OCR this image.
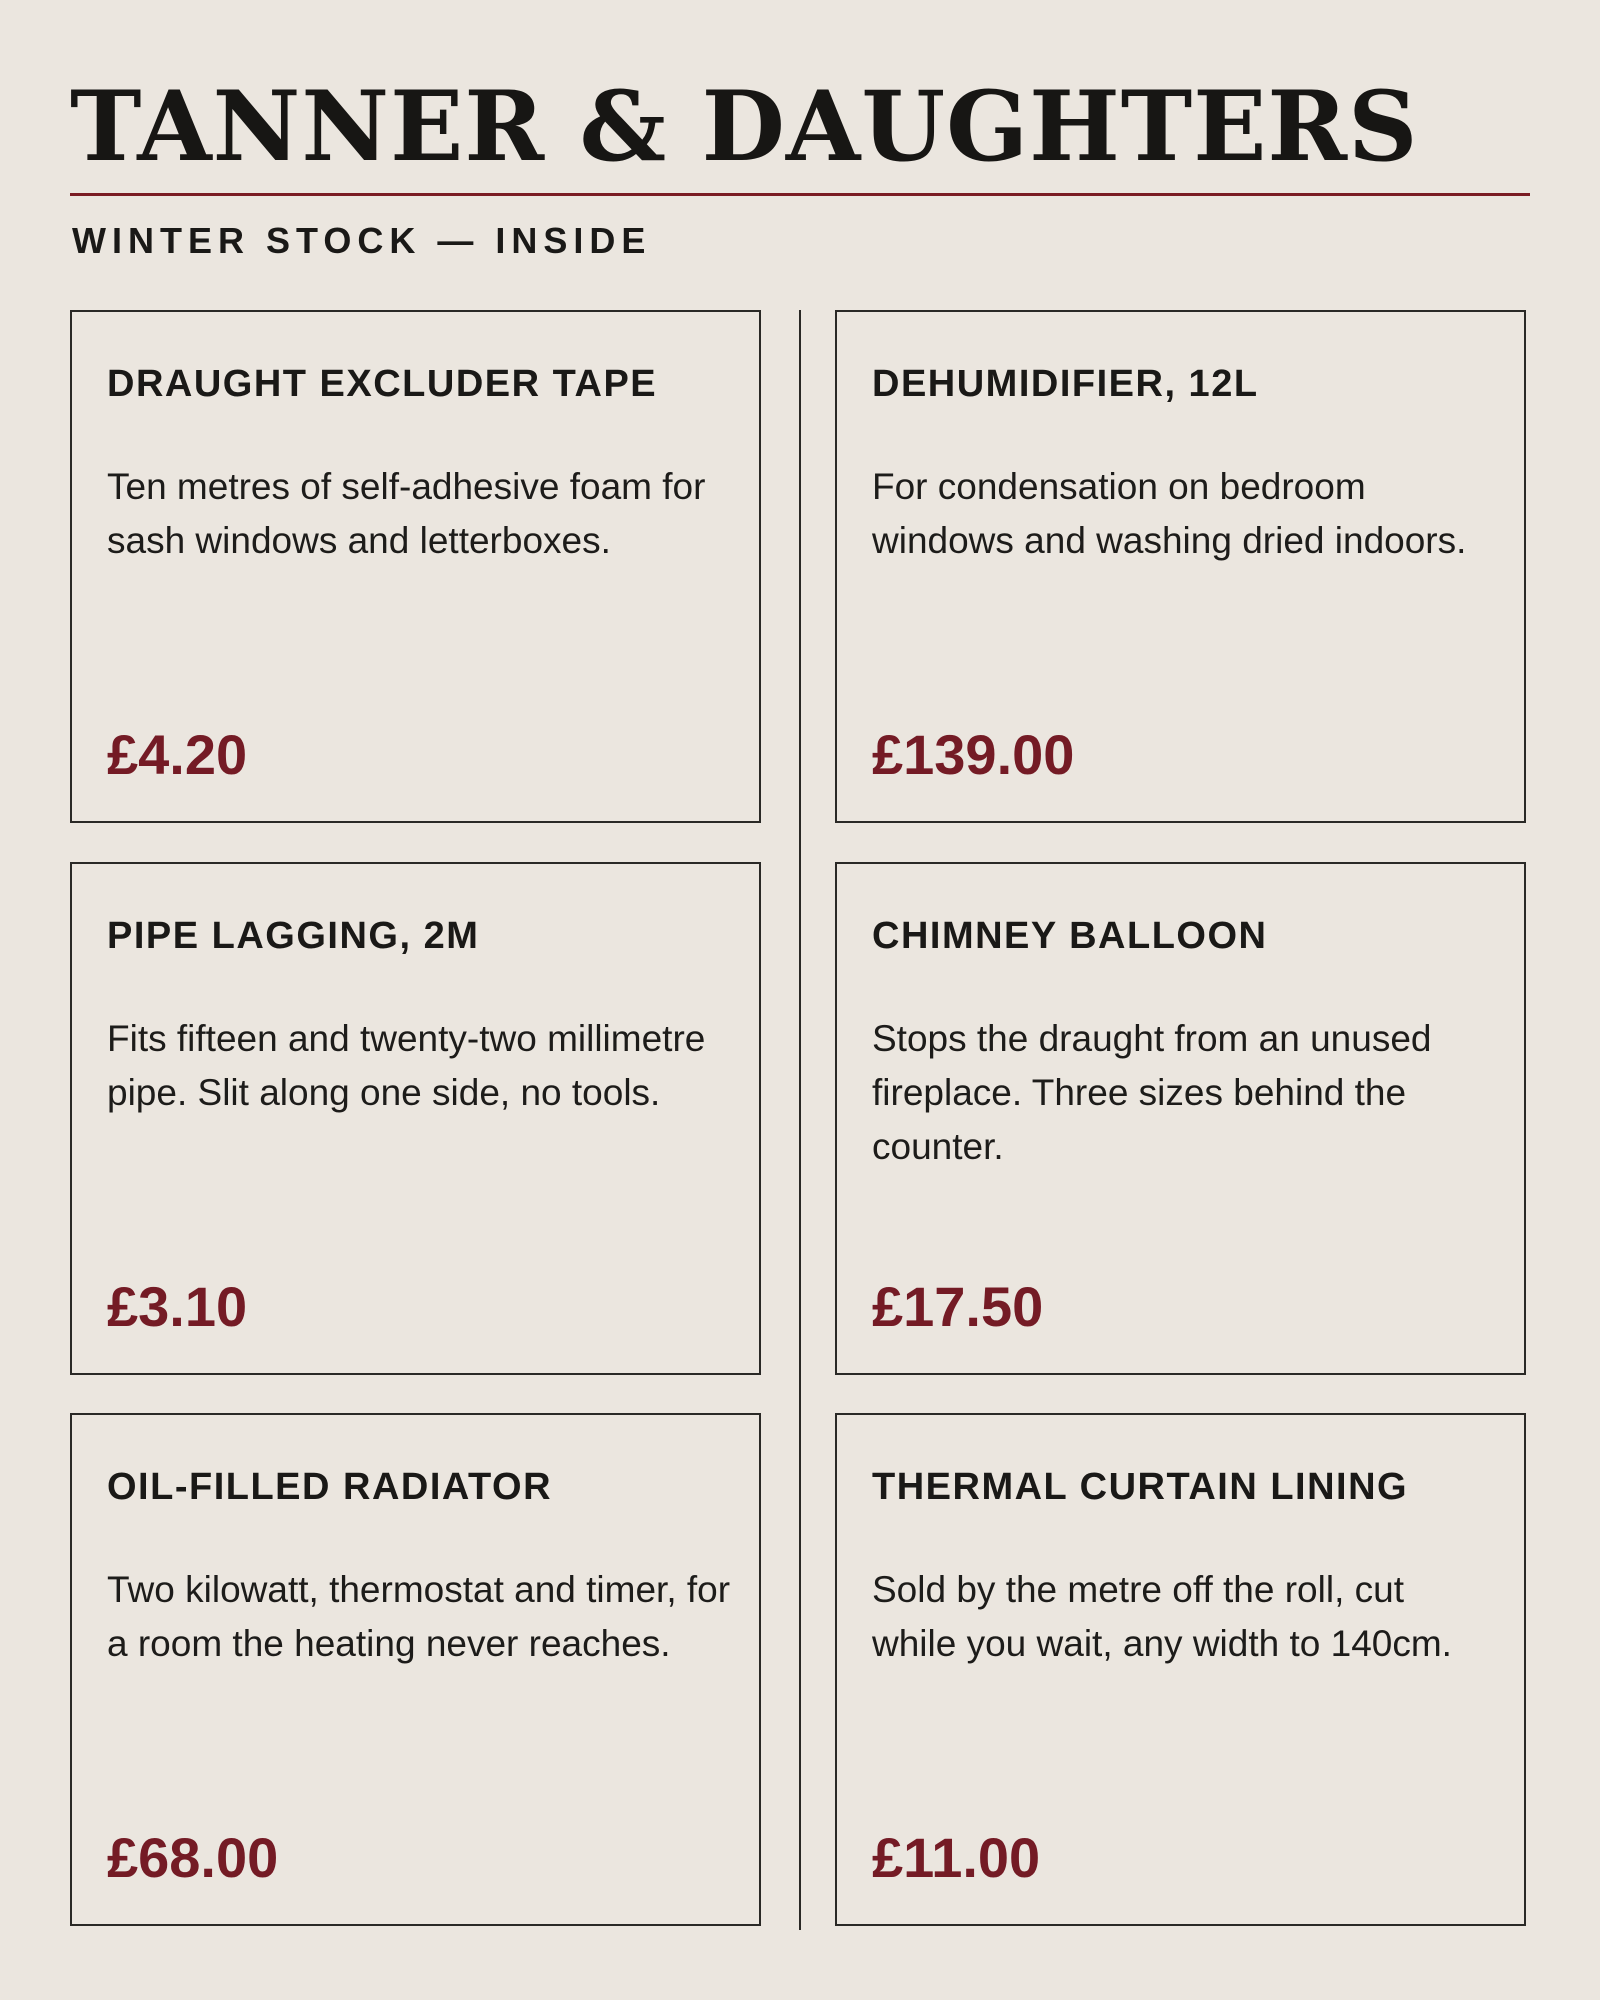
TANNER & DAUGHTERS
WINTER STOCK — INSIDE
DRAUGHT EXCLUDER TAPE
Ten metres of self-adhesive foam for sash windows and letterboxes.
£4.20
DEHUMIDIFIER, 12L
For condensation on bedroom windows and washing dried indoors.
£139.00
PIPE LAGGING, 2M
Fits fifteen and twenty-two millimetre pipe. Slit along one side, no tools.
£3.10
CHIMNEY BALLOON
Stops the draught from an unused fireplace. Three sizes behind the counter.
£17.50
OIL-FILLED RADIATOR
Two kilowatt, thermostat and timer, for a room the heating never reaches.
£68.00
THERMAL CURTAIN LINING
Sold by the metre off the roll, cut while you wait, any width to 140cm.
£11.00
